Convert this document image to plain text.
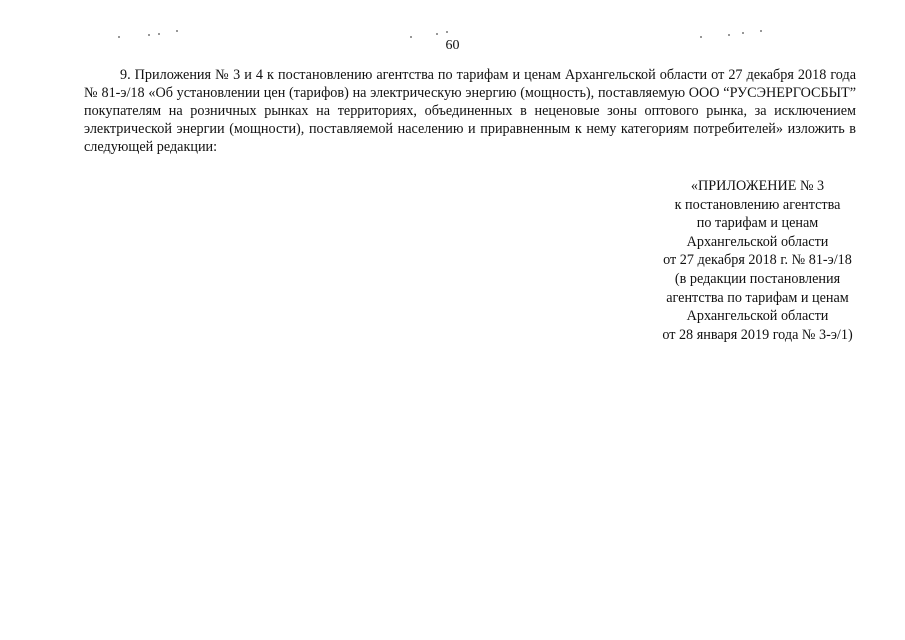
60

9. Приложения № 3 и 4 к постановлению агентства по тарифам и ценам Архангельской области от 27 декабря 2018 года № 81-э/18 «Об установлении цен (тарифов) на электрическую энергию (мощность), поставляемую ООО “РУСЭНЕРГОСБЫТ” покупателям на розничных рынках на территориях, объединенных в неценовые зоны оптового рынка, за исключением электрической энергии (мощности), поставляемой населению и приравненным к нему категориям потребителей» изложить в следующей редакции:

«ПРИЛОЖЕНИЕ № 3
к постановлению агентства
по тарифам и ценам
Архангельской области
от 27 декабря 2018 г. № 81-э/18
(в редакции постановления
агентства по тарифам и ценам
Архангельской области
от 28 января 2019 года № 3-э/1)
